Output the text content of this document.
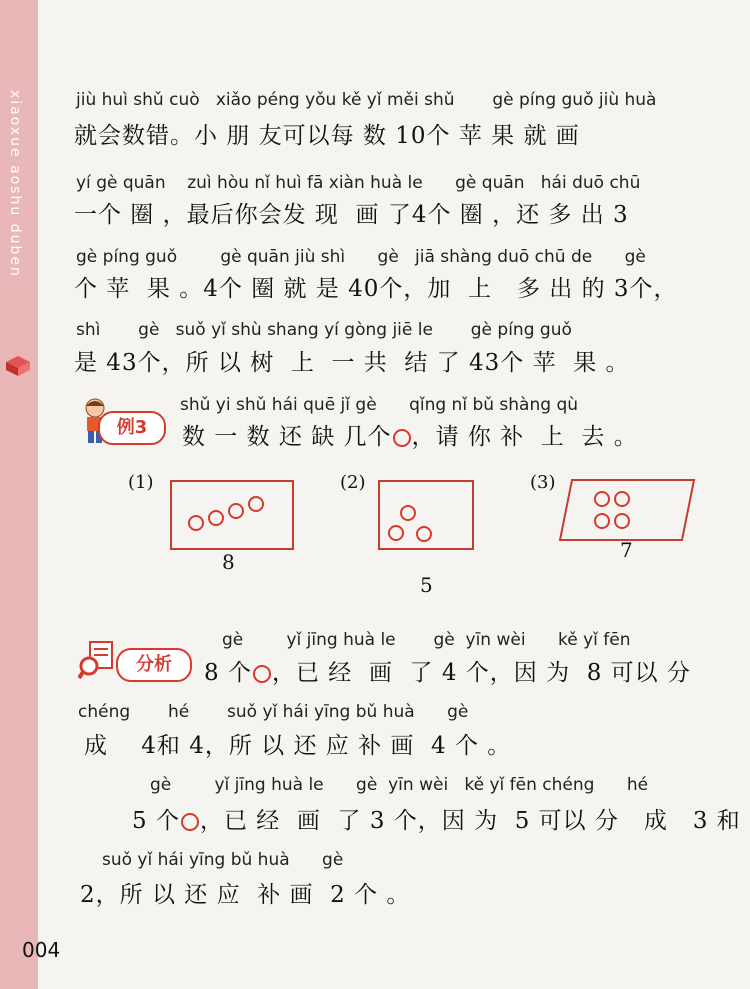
xiaoxue aoshu duben	jiù huì shǔ cuò   xiǎo péng yǒu kě yǐ měi shǔ       gè píng guǒ jiù huà
就会数错。小 朋 友可以每 数 10个 苹 果 就 画
yí gè quān    zuì hòu nǐ huì fā xiàn huà le      gè quān   hái duō chū
一个 圈 ，最后你会发 现  画 了4个 圈 ，还 多 出 3
gè píng guǒ        gè quān jiù shì      gè   jiā shàng duō chū de      gè
个 苹  果 。4个 圈 就 是 40个，加  上   多 出 的 3个，
shì       gè   suǒ yǐ shù shang yí gòng jiē le       gè píng guǒ
是 43个，所 以 树  上  一 共  结 了 43个 苹  果 。
例3
shǔ yi shǔ hái quē jǐ gè      qǐng nǐ bǔ shàng qù
数 一 数 还 缺 几个 ，请 你 补  上  去 。
(1)
8
(2)
5
(3)
7
分析
gè        yǐ jīng huà le       gè  yīn wèi      kě yǐ fēn
8 个 ，已 经  画  了 4 个，因 为  8 可以 分
chéng       hé       suǒ yǐ hái yīng bǔ huà      gè
成    4和 4，所 以 还 应 补 画  4 个 。
gè        yǐ jīng huà le      gè  yīn wèi   kě yǐ fēn chéng      hé
5 个 ，已 经  画  了 3 个，因 为  5 可以 分   成   3 和
suǒ yǐ hái yīng bǔ huà      gè
2，所 以 还 应  补 画  2 个 。
004
